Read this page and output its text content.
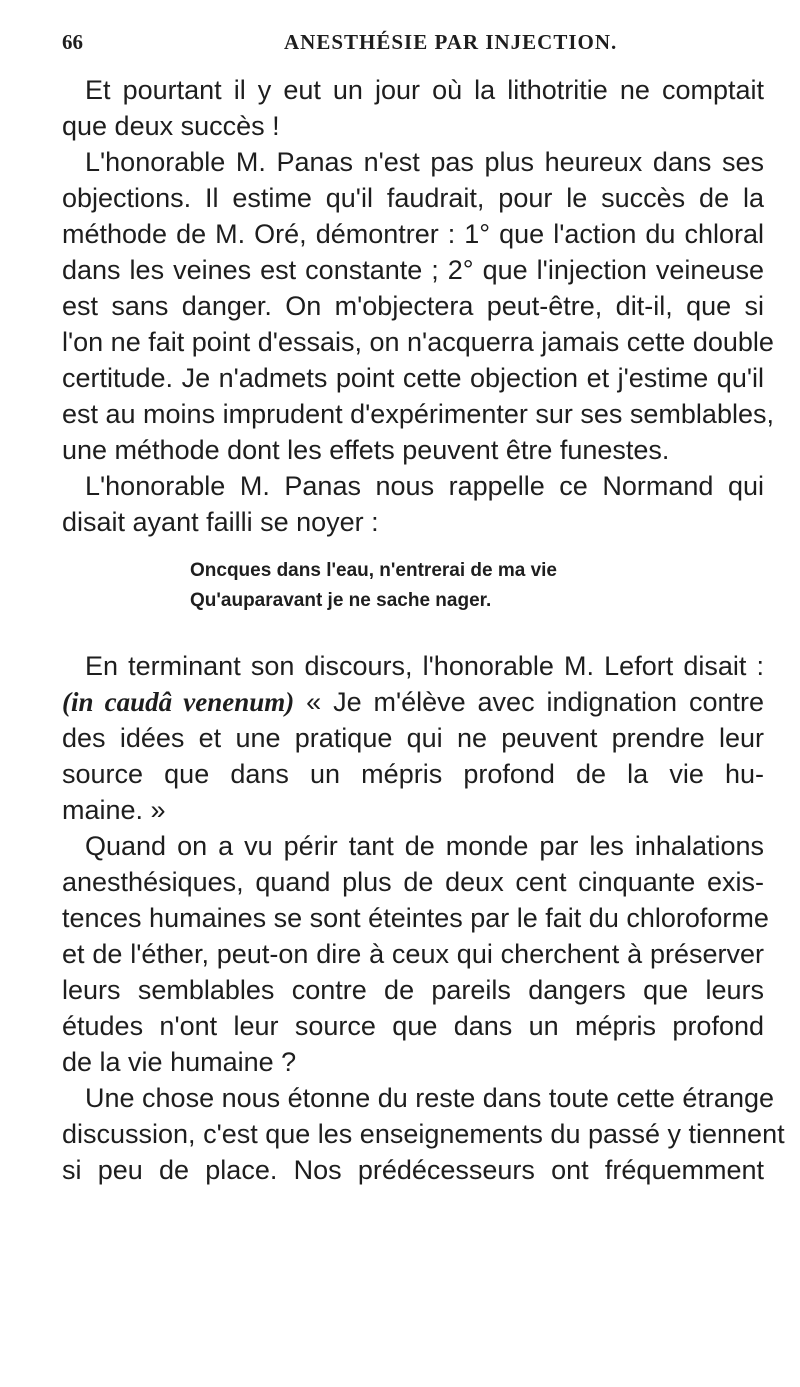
66	ANESTHÉSIE PAR INJECTION.
Et pourtant il y eut un jour où la lithotritie ne comptait
que deux succès !
L'honorable M. Panas n'est pas plus heureux dans ses
objections. Il estime qu'il faudrait, pour le succès de la
méthode de M. Oré, démontrer : 1° que l'action du chloral
dans les veines est constante ; 2° que l'injection veineuse
est sans danger. On m'objectera peut-être, dit-il, que si
l'on ne fait point d'essais, on n'acquerra jamais cette double
certitude. Je n'admets point cette objection et j'estime qu'il
est au moins imprudent d'expérimenter sur ses semblables,
une méthode dont les effets peuvent être funestes.
L'honorable M. Panas nous rappelle ce Normand qui
disait ayant failli se noyer :
Oncques dans l'eau, n'entrerai de ma vie
Qu'auparavant je ne sache nager.
En terminant son discours, l'honorable M. Lefort disait :
(in caudâ venenum) « Je m'élève avec indignation contre
des idées et une pratique qui ne peuvent prendre leur
source que dans un mépris profond de la vie hu-
maine. »
Quand on a vu périr tant de monde par les inhalations
anesthésiques, quand plus de deux cent cinquante exis-
tences humaines se sont éteintes par le fait du chloroforme
et de l'éther, peut-on dire à ceux qui cherchent à préserver
leurs semblables contre de pareils dangers que leurs
études n'ont leur source que dans un mépris profond
de la vie humaine ?
Une chose nous étonne du reste dans toute cette étrange
discussion, c'est que les enseignements du passé y tiennent
si peu de place. Nos prédécesseurs ont fréquemment
